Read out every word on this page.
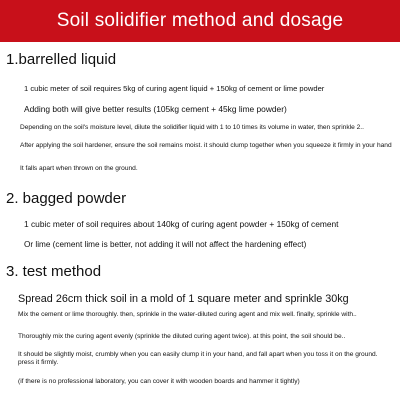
Soil solidifier method and dosage
1.barrelled liquid
1 cubic meter of soil requires 5kg of curing agent liquid + 150kg of cement or lime powder
Adding both will give better results (105kg cement + 45kg lime powder)
Depending on the soil's moisture level, dilute the solidifier liquid with 1 to 10 times its volume in water, then sprinkle 2..
After applying the soil hardener, ensure the soil remains moist. it should clump together when you squeeze it firmly in your hand
It falls apart when thrown on the ground.
2. bagged powder
1 cubic meter of soil requires about 140kg of curing agent powder + 150kg of cement
Or lime (cement lime is better, not adding it will not affect the hardening effect)
3. test method
Spread 26cm thick soil in a mold of 1 square meter and sprinkle 30kg
Mix the cement or lime thoroughly. then, sprinkle in the water-diluted curing agent and mix well. finally, sprinkle with..
Thoroughly mix the curing agent evenly (sprinkle the diluted curing agent twice). at this point, the soil should be..
It should be slightly moist, crumbly when you can easily clump it in your hand, and fall apart when you toss it on the ground. press it firmly.
(if there is no professional laboratory, you can cover it with wooden boards and hammer it tightly)
